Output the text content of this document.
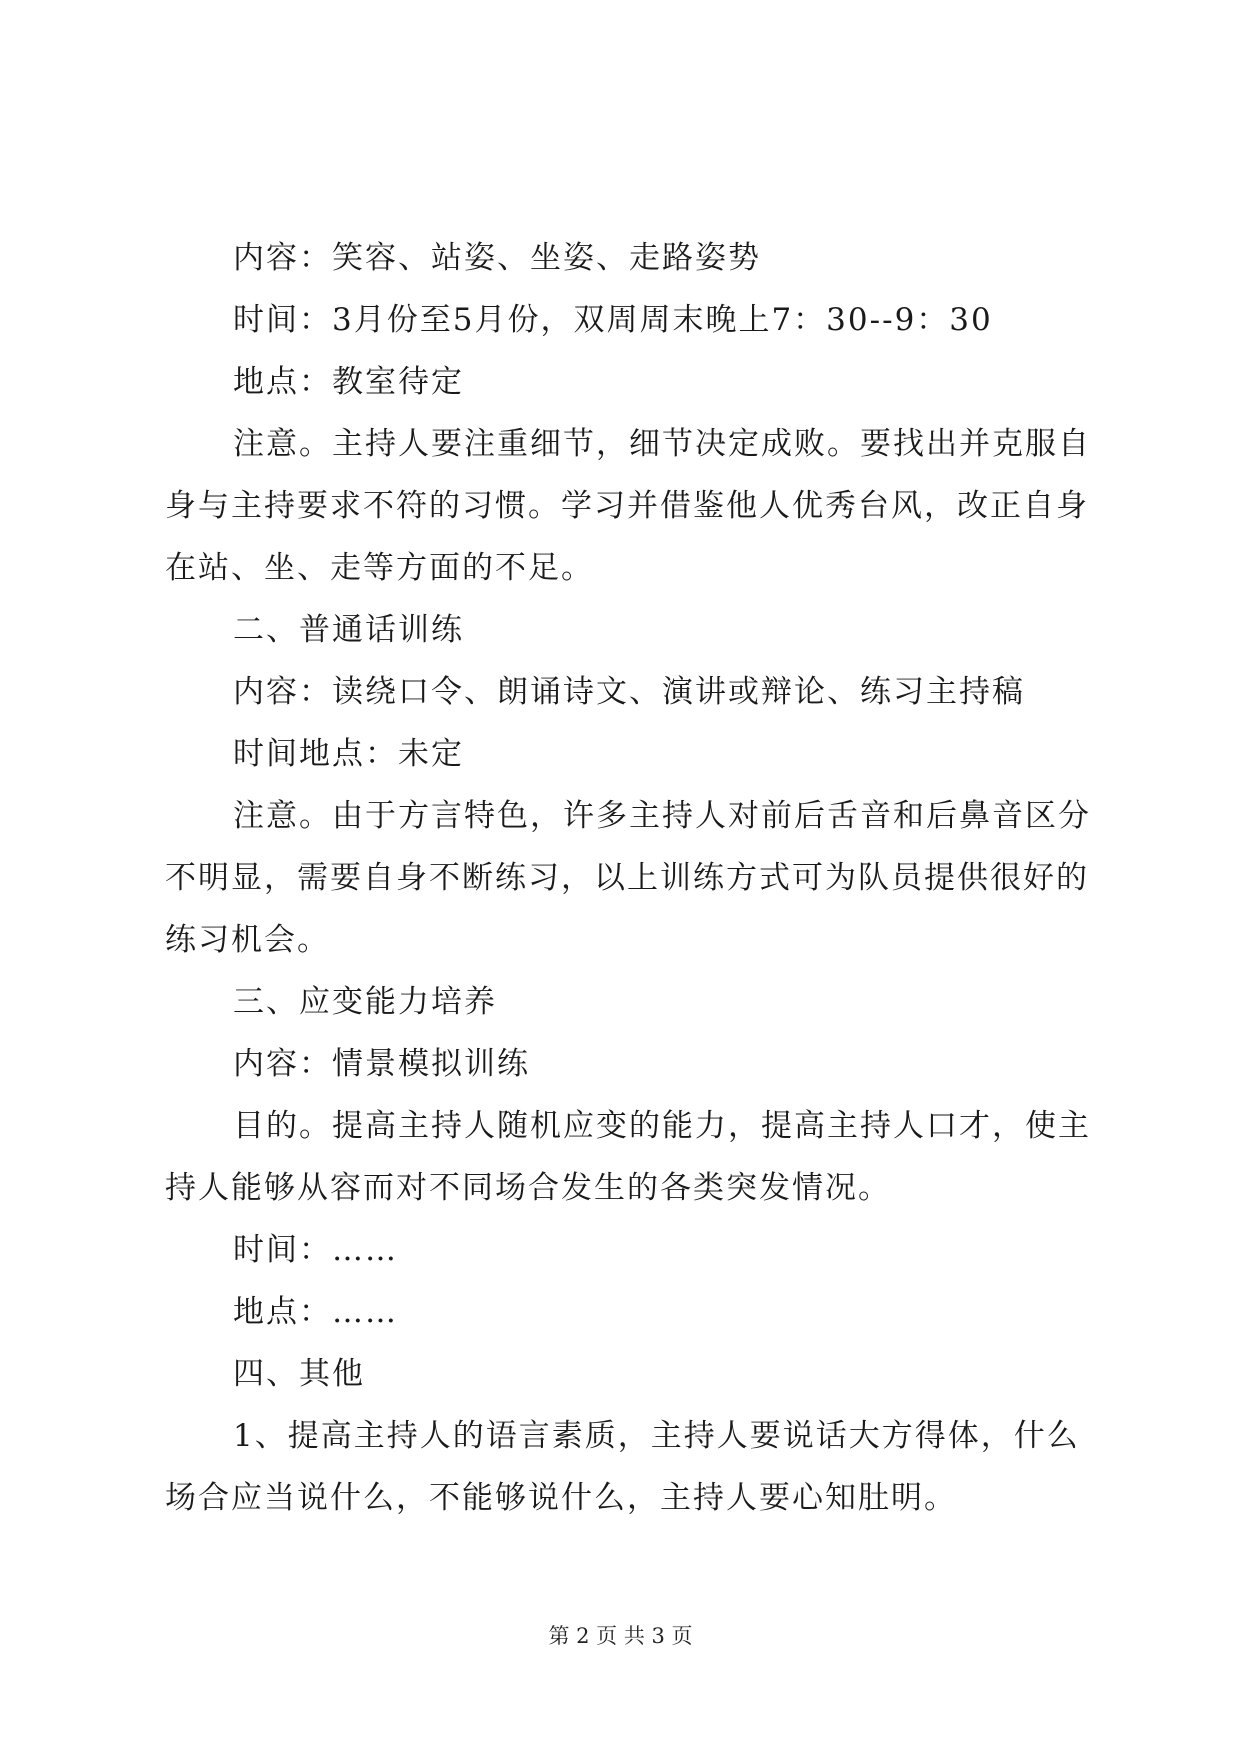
内容：笑容、站姿、坐姿、走路姿势
时间：3月份至5月份，双周周末晚上7：30--9：30
地点：教室待定
注意。主持人要注重细节，细节决定成败。要找出并克服自
身与主持要求不符的习惯。学习并借鉴他人优秀台风，改正自身
在站、坐、走等方面的不足。
二、普通话训练
内容：读绕口令、朗诵诗文、演讲或辩论、练习主持稿
时间地点：未定
注意。由于方言特色，许多主持人对前后舌音和后鼻音区分
不明显，需要自身不断练习，以上训练方式可为队员提供很好的
练习机会。
三、应变能力培养
内容：情景模拟训练
目的。提高主持人随机应变的能力，提高主持人口才，使主
持人能够从容而对不同场合发生的各类突发情况。
时间：……
地点：……
四、其他
1、提高主持人的语言素质，主持人要说话大方得体，什么
场合应当说什么，不能够说什么，主持人要心知肚明。
第 2 页 共 3 页
